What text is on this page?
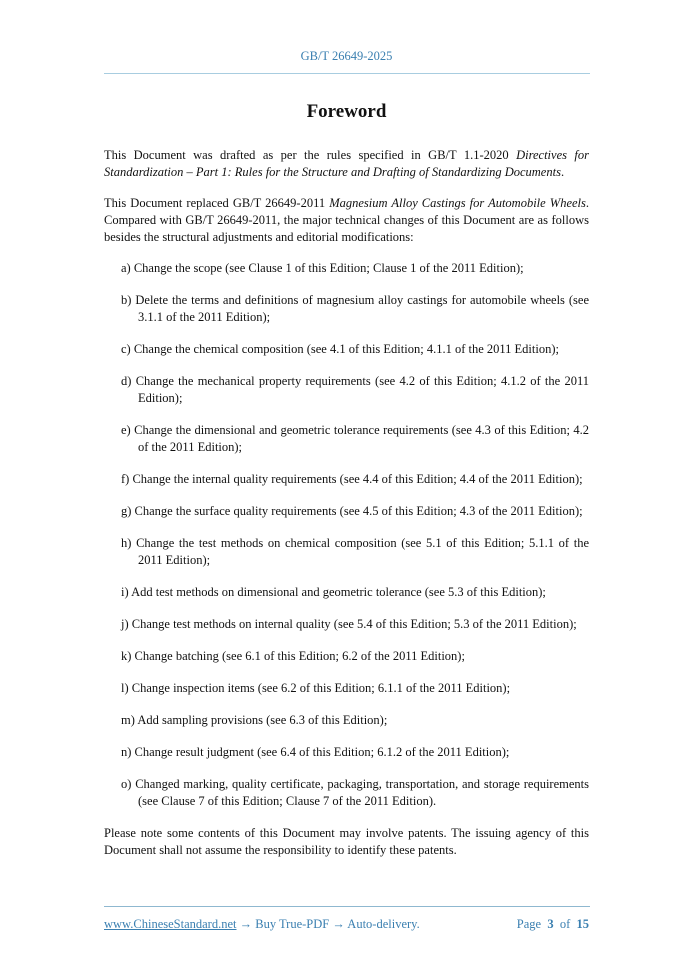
GB/T 26649-2025
Foreword

This Document was drafted as per the rules specified in GB/T 1.1-2020 Directives for Standardization – Part 1: Rules for the Structure and Drafting of Standardizing Documents.

This Document replaced GB/T 26649-2011 Magnesium Alloy Castings for Automobile Wheels. Compared with GB/T 26649-2011, the major technical changes of this Document are as follows besides the structural adjustments and editorial modifications:

a) Change the scope (see Clause 1 of this Edition; Clause 1 of the 2011 Edition);
b) Delete the terms and definitions of magnesium alloy castings for automobile wheels (see 3.1.1 of the 2011 Edition);
c) Change the chemical composition (see 4.1 of this Edition; 4.1.1 of the 2011 Edition);
d) Change the mechanical property requirements (see 4.2 of this Edition; 4.1.2 of the 2011 Edition);
e) Change the dimensional and geometric tolerance requirements (see 4.3 of this Edition; 4.2 of the 2011 Edition);
f) Change the internal quality requirements (see 4.4 of this Edition; 4.4 of the 2011 Edition);
g) Change the surface quality requirements (see 4.5 of this Edition; 4.3 of the 2011 Edition);
h) Change the test methods on chemical composition (see 5.1 of this Edition; 5.1.1 of the 2011 Edition);
i) Add test methods on dimensional and geometric tolerance (see 5.3 of this Edition);
j) Change test methods on internal quality (see 5.4 of this Edition; 5.3 of the 2011 Edition);
k) Change batching (see 6.1 of this Edition; 6.2 of the 2011 Edition);
l) Change inspection items (see 6.2 of this Edition; 6.1.1 of the 2011 Edition);
m) Add sampling provisions (see 6.3 of this Edition);
n) Change result judgment (see 6.4 of this Edition; 6.1.2 of the 2011 Edition);
o) Changed marking, quality certificate, packaging, transportation, and storage requirements (see Clause 7 of this Edition; Clause 7 of the 2011 Edition).

Please note some contents of this Document may involve patents. The issuing agency of this Document shall not assume the responsibility to identify these patents.

www.ChineseStandard.net → Buy True-PDF → Auto-delivery.	Page 3 of 15
